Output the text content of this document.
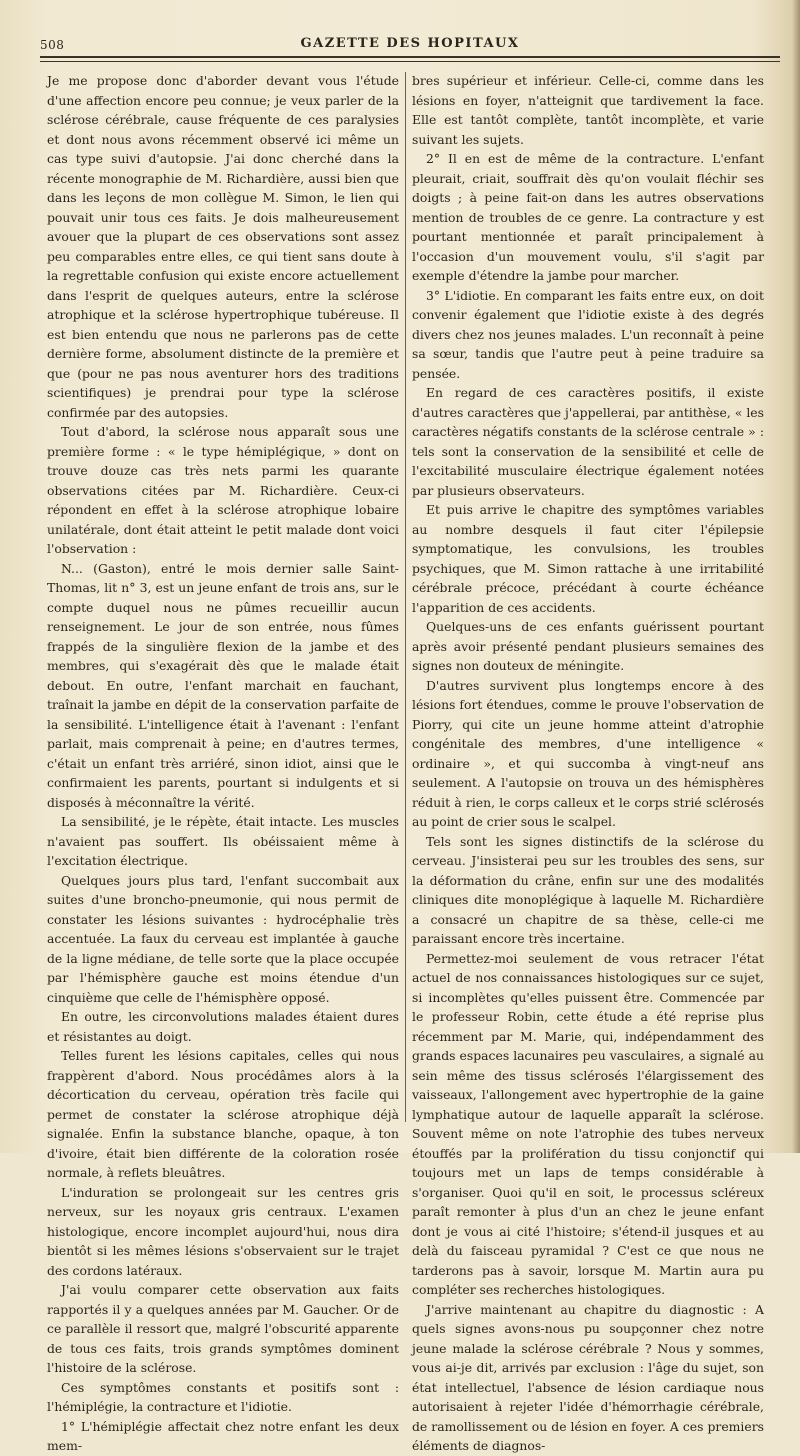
508	GAZETTE DES HOPITAUX

Je me propose donc d'aborder devant vous l'étude d'une affection encore peu connue; je veux parler de la sclérose cérébrale, cause fréquente de ces paralysies et dont nous avons récemment observé ici même un cas type suivi d'autopsie. J'ai donc cherché dans la récente monographie de M. Richardière, aussi bien que dans les leçons de mon collègue M. Simon, le lien qui pouvait unir tous ces faits. Je dois malheureusement avouer que la plupart de ces observations sont assez peu comparables entre elles, ce qui tient sans doute à la regrettable confusion qui existe encore actuellement dans l'esprit de quelques auteurs, entre la sclérose atrophique et la sclérose hypertrophique tubéreuse. Il est bien entendu que nous ne parlerons pas de cette dernière forme, absolument distincte de la première et que (pour ne pas nous aventurer hors des traditions scientifiques) je prendrai pour type la sclérose confirmée par des autopsies.

Tout d'abord, la sclérose nous apparaît sous une première forme : « le type hémiplégique, » dont on trouve douze cas très nets parmi les quarante observations citées par M. Richardière. Ceux-ci répondent en effet à la sclérose atrophique lobaire unilatérale, dont était atteint le petit malade dont voici l'observation :

N... (Gaston), entré le mois dernier salle Saint-Thomas, lit n° 3, est un jeune enfant de trois ans, sur le compte duquel nous ne pûmes recueillir aucun renseignement. Le jour de son entrée, nous fûmes frappés de la singulière flexion de la jambe et des membres, qui s'exagérait dès que le malade était debout. En outre, l'enfant marchait en fauchant, traînait la jambe en dépit de la conservation parfaite de la sensibilité. L'intelligence était à l'avenant : l'enfant parlait, mais comprenait à peine; en d'autres termes, c'était un enfant très arriéré, sinon idiot, ainsi que le confirmaient les parents, pourtant si indulgents et si disposés à méconnaître la vérité.

La sensibilité, je le répète, était intacte. Les muscles n'avaient pas souffert. Ils obéissaient même à l'excitation électrique.

Quelques jours plus tard, l'enfant succombait aux suites d'une broncho-pneumonie, qui nous permit de constater les lésions suivantes : hydrocéphalie très accentuée. La faux du cerveau est implantée à gauche de la ligne médiane, de telle sorte que la place occupée par l'hémisphère gauche est moins étendue d'un cinquième que celle de l'hémisphère opposé.

En outre, les circonvolutions malades étaient dures et résistantes au doigt.

Telles furent les lésions capitales, celles qui nous frappèrent d'abord. Nous procédâmes alors à la décortication du cerveau, opération très facile qui permet de constater la sclérose atrophique déjà signalée. Enfin la substance blanche, opaque, à ton d'ivoire, était bien différente de la coloration rosée normale, à reflets bleuâtres.

L'induration se prolongeait sur les centres gris nerveux, sur les noyaux gris centraux. L'examen histologique, encore incomplet aujourd'hui, nous dira bientôt si les mêmes lésions s'observaient sur le trajet des cordons latéraux.

J'ai voulu comparer cette observation aux faits rapportés il y a quelques années par M. Gaucher. Or de ce parallèle il ressort que, malgré l'obscurité apparente de tous ces faits, trois grands symptômes dominent l'histoire de la sclérose.

Ces symptômes constants et positifs sont : l'hémiplégie, la contracture et l'idiotie.

1° L'hémiplégie affectait chez notre enfant les deux mem-

bres supérieur et inférieur. Celle-ci, comme dans les lésions en foyer, n'atteignit que tardivement la face. Elle est tantôt complète, tantôt incomplète, et varie suivant les sujets.

2° Il en est de même de la contracture. L'enfant pleurait, criait, souffrait dès qu'on voulait fléchir ses doigts ; à peine fait-on dans les autres observations mention de troubles de ce genre. La contracture y est pourtant mentionnée et paraît principalement à l'occasion d'un mouvement voulu, s'il s'agit par exemple d'étendre la jambe pour marcher.

3° L'idiotie. En comparant les faits entre eux, on doit convenir également que l'idiotie existe à des degrés divers chez nos jeunes malades. L'un reconnaît à peine sa sœur, tandis que l'autre peut à peine traduire sa pensée.

En regard de ces caractères positifs, il existe d'autres caractères que j'appellerai, par antithèse, « les caractères négatifs constants de la sclérose centrale » : tels sont la conservation de la sensibilité et celle de l'excitabilité musculaire électrique également notées par plusieurs observateurs.

Et puis arrive le chapitre des symptômes variables au nombre desquels il faut citer l'épilepsie symptomatique, les convulsions, les troubles psychiques, que M. Simon rattache à une irritabilité cérébrale précoce, précédant à courte échéance l'apparition de ces accidents.

Quelques-uns de ces enfants guérissent pourtant après avoir présenté pendant plusieurs semaines des signes non douteux de méningite.

D'autres survivent plus longtemps encore à des lésions fort étendues, comme le prouve l'observation de Piorry, qui cite un jeune homme atteint d'atrophie congénitale des membres, d'une intelligence « ordinaire », et qui succomba à vingt-neuf ans seulement. A l'autopsie on trouva un des hémisphères réduit à rien, le corps calleux et le corps strié sclérosés au point de crier sous le scalpel.

Tels sont les signes distinctifs de la sclérose du cerveau. J'insisterai peu sur les troubles des sens, sur la déformation du crâne, enfin sur une des modalités cliniques dite monoplégique à laquelle M. Richardière a consacré un chapitre de sa thèse, celle-ci me paraissant encore très incertaine.

Permettez-moi seulement de vous retracer l'état actuel de nos connaissances histologiques sur ce sujet, si incomplètes qu'elles puissent être. Commencée par le professeur Robin, cette étude a été reprise plus récemment par M. Marie, qui, indépendamment des grands espaces lacunaires peu vasculaires, a signalé au sein même des tissus sclérosés l'élargissement des vaisseaux, l'allongement avec hypertrophie de la gaine lymphatique autour de laquelle apparaît la sclérose. Souvent même on note l'atrophie des tubes nerveux étouffés par la prolifération du tissu conjonctif qui toujours met un laps de temps considérable à s'organiser. Quoi qu'il en soit, le processus scléreux paraît remonter à plus d'un an chez le jeune enfant dont je vous ai cité l'histoire; s'étend-il jusques et au delà du faisceau pyramidal ? C'est ce que nous ne tarderons pas à savoir, lorsque M. Martin aura pu compléter ses recherches histologiques.

J'arrive maintenant au chapitre du diagnostic : A quels signes avons-nous pu soupçonner chez notre jeune malade la sclérose cérébrale ? Nous y sommes, vous ai-je dit, arrivés par exclusion : l'âge du sujet, son état intellectuel, l'absence de lésion cardiaque nous autorisaient à rejeter l'idée d'hémorrhagie cérébrale, de ramollissement ou de lésion en foyer. A ces premiers éléments de diagnos-
